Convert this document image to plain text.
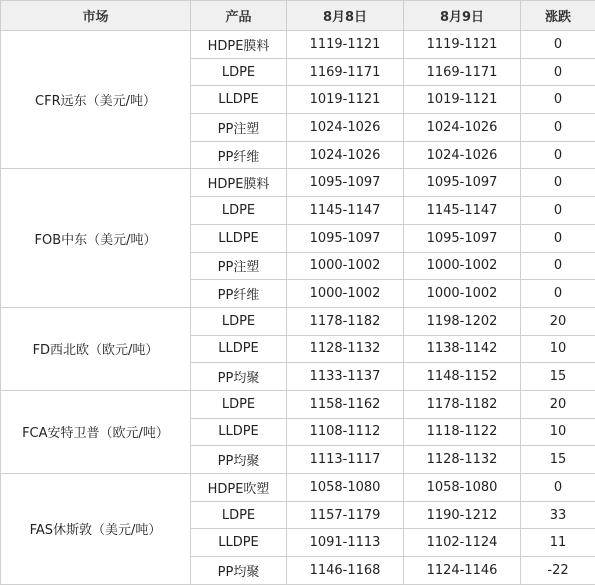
市场	产品	8月8日	8月9日	涨跌
CFR远东（美元/吨）	HDPE膜料	1119-1121	1119-1121	0
	LDPE	1169-1171	1169-1171	0
	LLDPE	1019-1121	1019-1121	0
	PP注塑	1024-1026	1024-1026	0
	PP纤维	1024-1026	1024-1026	0
FOB中东（美元/吨）	HDPE膜料	1095-1097	1095-1097	0
	LDPE	1145-1147	1145-1147	0
	LLDPE	1095-1097	1095-1097	0
	PP注塑	1000-1002	1000-1002	0
	PP纤维	1000-1002	1000-1002	0
FD西北欧（欧元/吨）	LDPE	1178-1182	1198-1202	20
	LLDPE	1128-1132	1138-1142	10
	PP均聚	1133-1137	1148-1152	15
FCA安特卫普（欧元/吨）	LDPE	1158-1162	1178-1182	20
	LLDPE	1108-1112	1118-1122	10
	PP均聚	1113-1117	1128-1132	15
FAS休斯敦（美元/吨）	HDPE吹塑	1058-1080	1058-1080	0
	LDPE	1157-1179	1190-1212	33
	LLDPE	1091-1113	1102-1124	11
	PP均聚	1146-1168	1124-1146	-22
